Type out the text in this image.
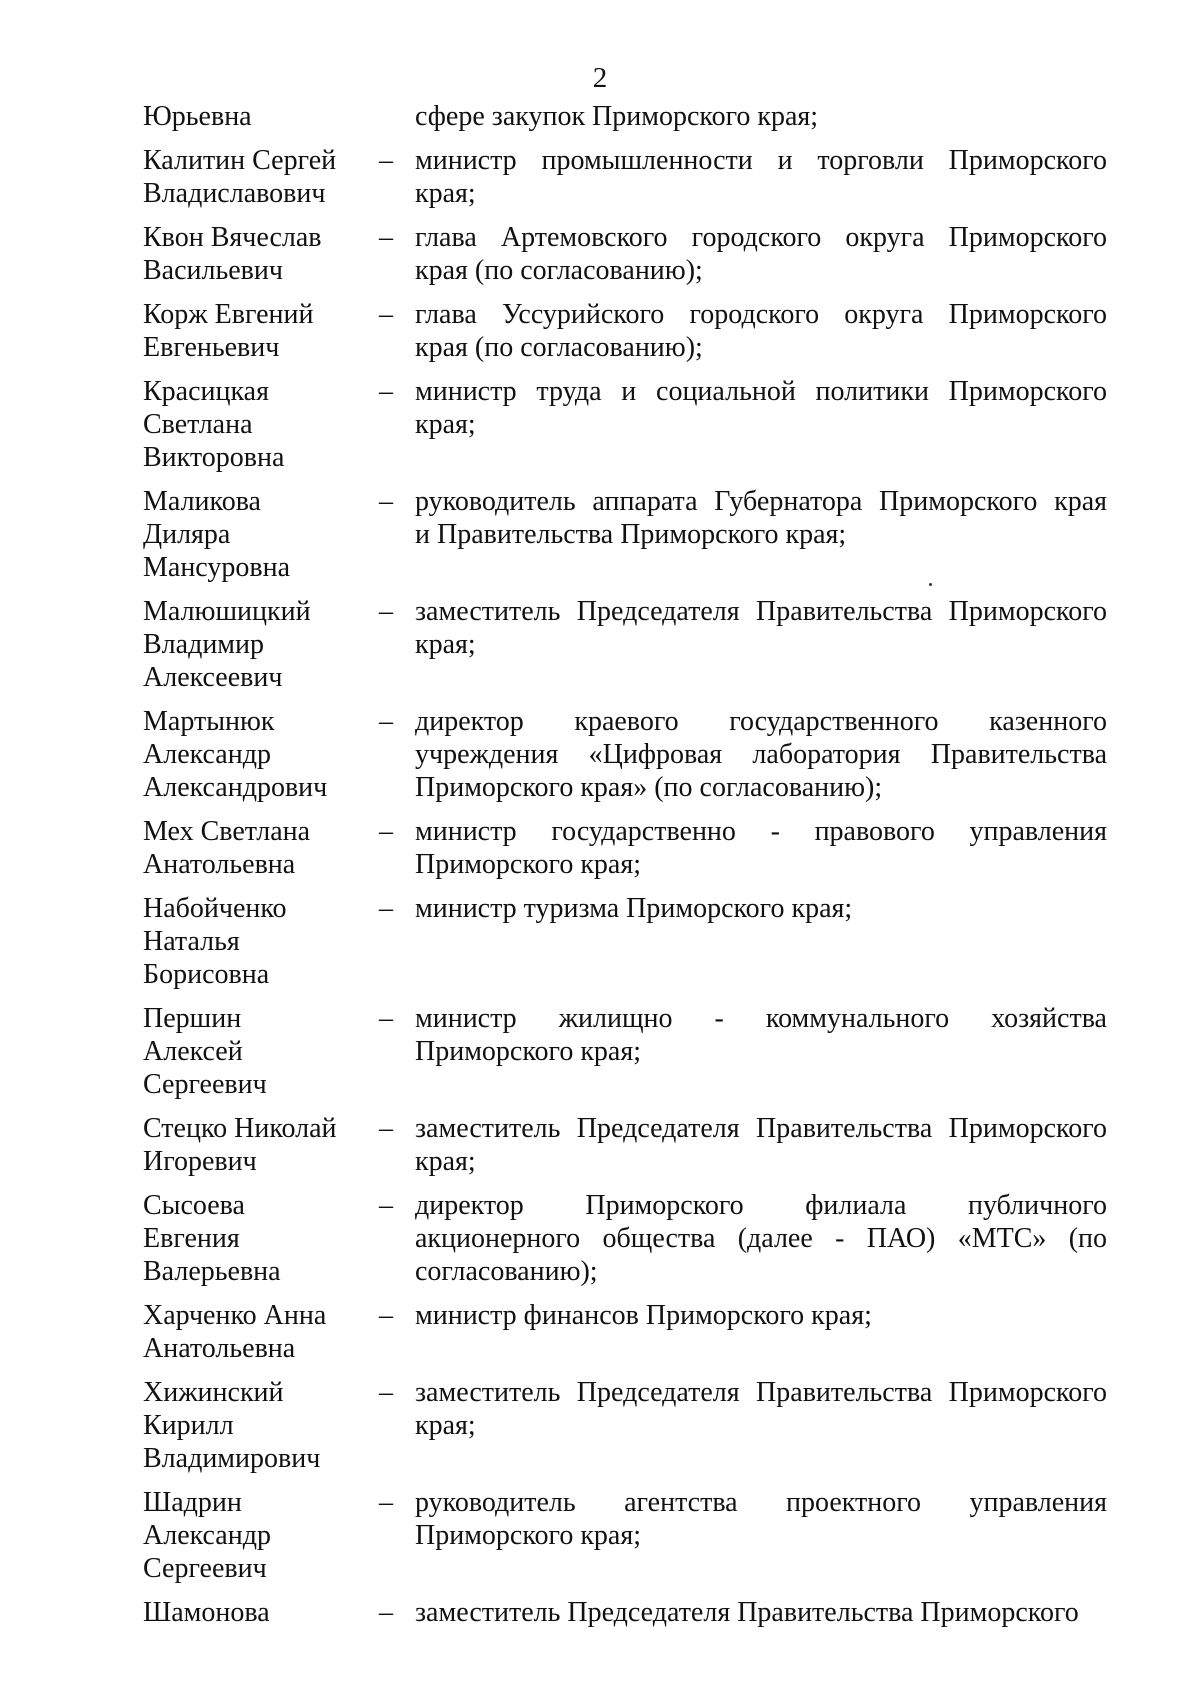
2
Юрьевна	сфере закупок Приморского края;
Калитин Сергей
Владиславович
– министр промышленности и торговли Приморского
края;
Квон Вячеслав
Васильевич
– глава Артемовского городского округа Приморского
края (по согласованию);
Корж Евгений
Евгеньевич
– глава Уссурийского городского округа Приморского
края (по согласованию);
Красицкая
Светлана
Викторовна
– министр труда и социальной политики Приморского
края;
Маликова
Диляра
Мансуровна
– руководитель аппарата Губернатора Приморского края
и Правительства Приморского края;
Малюшицкий
Владимир
Алексеевич
– заместитель Председателя Правительства Приморского
края;
Мартынюк
Александр
Александрович
– директор краевого государственного казенного
учреждения «Цифровая лаборатория Правительства
Приморского края» (по согласованию);
Мех Светлана
Анатольевна
– министр государственно - правового управления
Приморского края;
Набойченко
Наталья
Борисовна
– министр туризма Приморского края;
Першин
Алексей
Сергеевич
– министр жилищно - коммунального хозяйства
Приморского края;
Стецко Николай
Игоревич
– заместитель Председателя Правительства Приморского
края;
Сысоева
Евгения
Валерьевна
– директор Приморского филиала публичного
акционерного общества (далее - ПАО) «МТС» (по
согласованию);
Харченко Анна
Анатольевна
– министр финансов Приморского края;
Хижинский
Кирилл
Владимирович
– заместитель Председателя Правительства Приморского
края;
Шадрин
Александр
Сергеевич
– руководитель агентства проектного управления
Приморского края;
Шамонова	– заместитель Председателя Правительства Приморского
